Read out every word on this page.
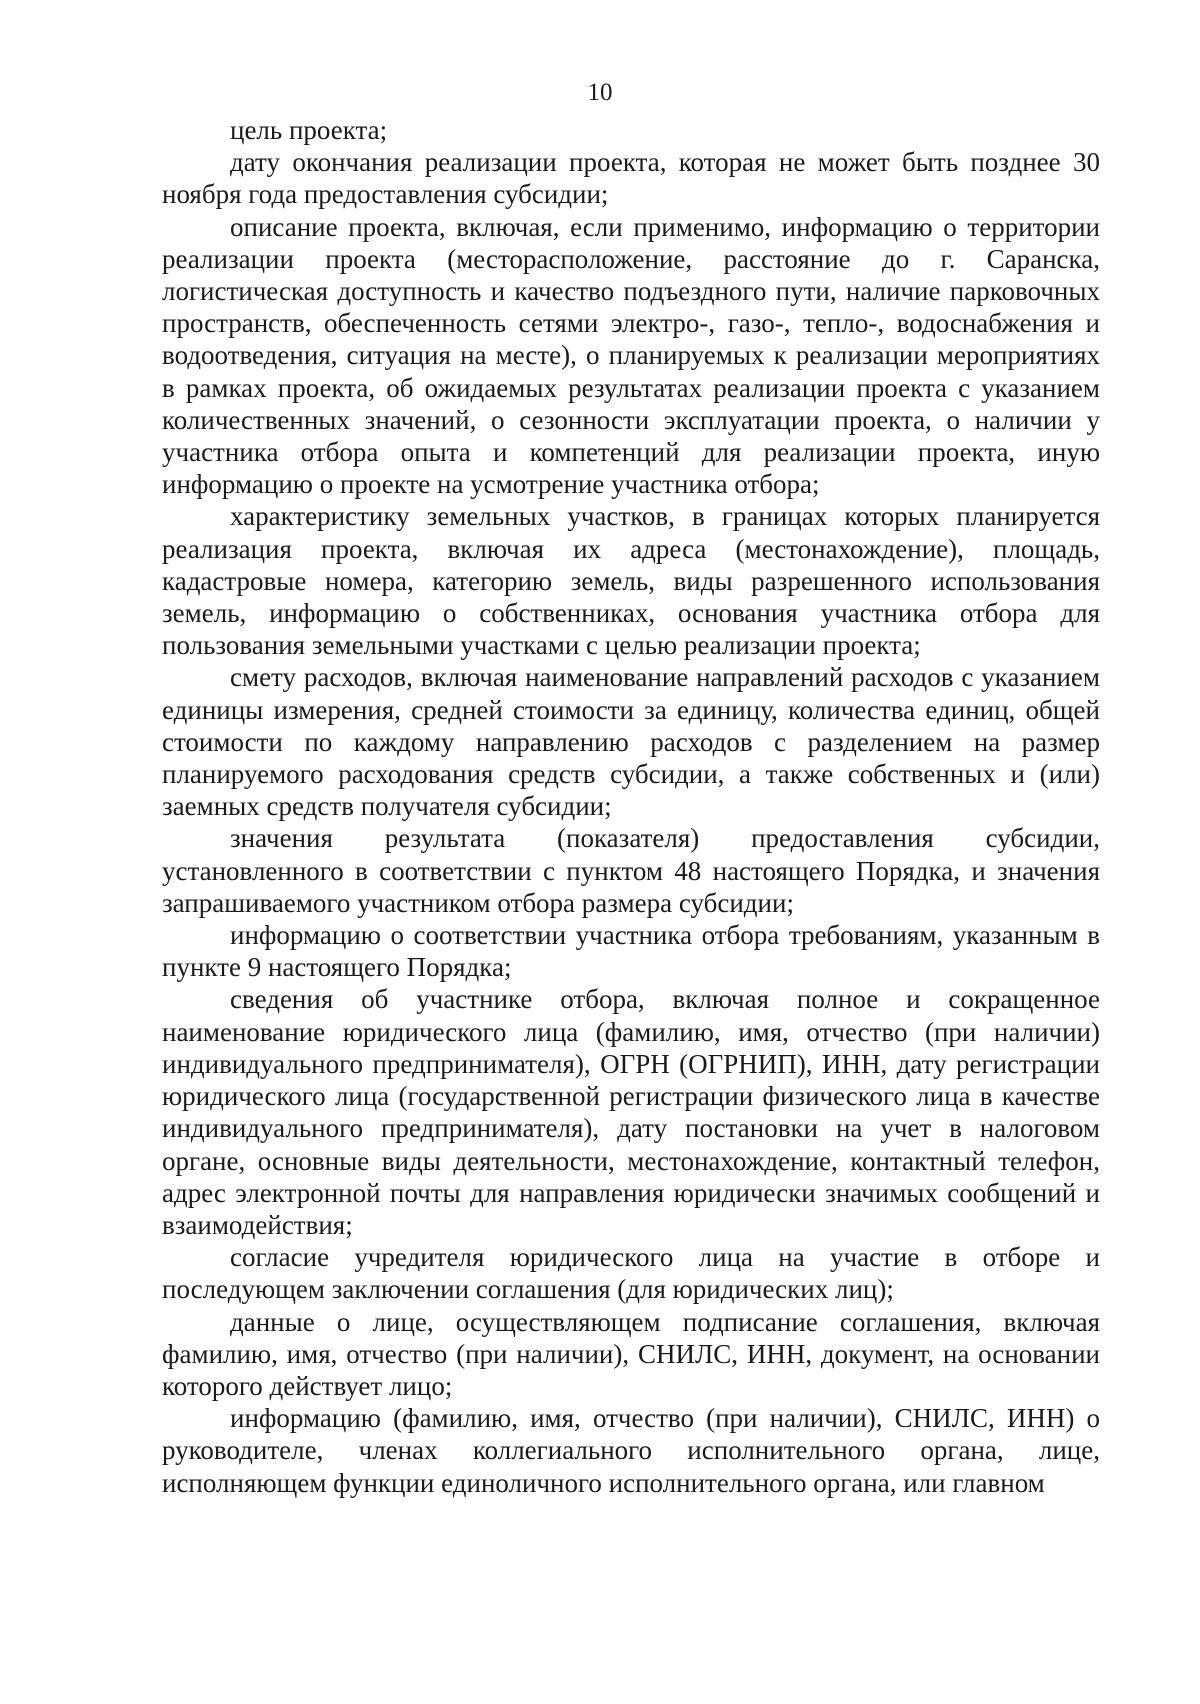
10

цель проекта;

дату окончания реализации проекта, которая не может быть позднее 30 ноября года предоставления субсидии;

описание проекта, включая, если применимо, информацию о территории реализации проекта (месторасположение, расстояние до г. Саранска, логистическая доступность и качество подъездного пути, наличие парковочных пространств, обеспеченность сетями электро-, газо-, тепло-, водоснабжения и водоотведения, ситуация на месте), о планируемых к реализации мероприятиях в рамках проекта, об ожидаемых результатах реализации проекта с указанием количественных значений, о сезонности эксплуатации проекта, о наличии у участника отбора опыта и компетенций для реализации проекта, иную информацию о проекте на усмотрение участника отбора;

характеристику земельных участков, в границах которых планируется реализация проекта, включая их адреса (местонахождение), площадь, кадастровые номера, категорию земель, виды разрешенного использования земель, информацию о собственниках, основания участника отбора для пользования земельными участками с целью реализации проекта;

смету расходов, включая наименование направлений расходов с указанием единицы измерения, средней стоимости за единицу, количества единиц, общей стоимости по каждому направлению расходов с разделением на размер планируемого расходования средств субсидии, а также собственных и (или) заемных средств получателя субсидии;

значения результата (показателя) предоставления субсидии, установленного в соответствии с пунктом 48 настоящего Порядка, и значения запрашиваемого участником отбора размера субсидии;

информацию о соответствии участника отбора требованиям, указанным в пункте 9 настоящего Порядка;

сведения об участнике отбора, включая полное и сокращенное наименование юридического лица (фамилию, имя, отчество (при наличии) индивидуального предпринимателя), ОГРН (ОГРНИП), ИНН, дату регистрации юридического лица (государственной регистрации физического лица в качестве индивидуального предпринимателя), дату постановки на учет в налоговом органе, основные виды деятельности, местонахождение, контактный телефон, адрес электронной почты для направления юридически значимых сообщений и взаимодействия;

согласие учредителя юридического лица на участие в отборе и последующем заключении соглашения (для юридических лиц);

данные о лице, осуществляющем подписание соглашения, включая фамилию, имя, отчество (при наличии), СНИЛС, ИНН, документ, на основании которого действует лицо;

информацию (фамилию, имя, отчество (при наличии), СНИЛС, ИНН) о руководителе, членах коллегиального исполнительного органа, лице, исполняющем функции единоличного исполнительного органа, или главном
